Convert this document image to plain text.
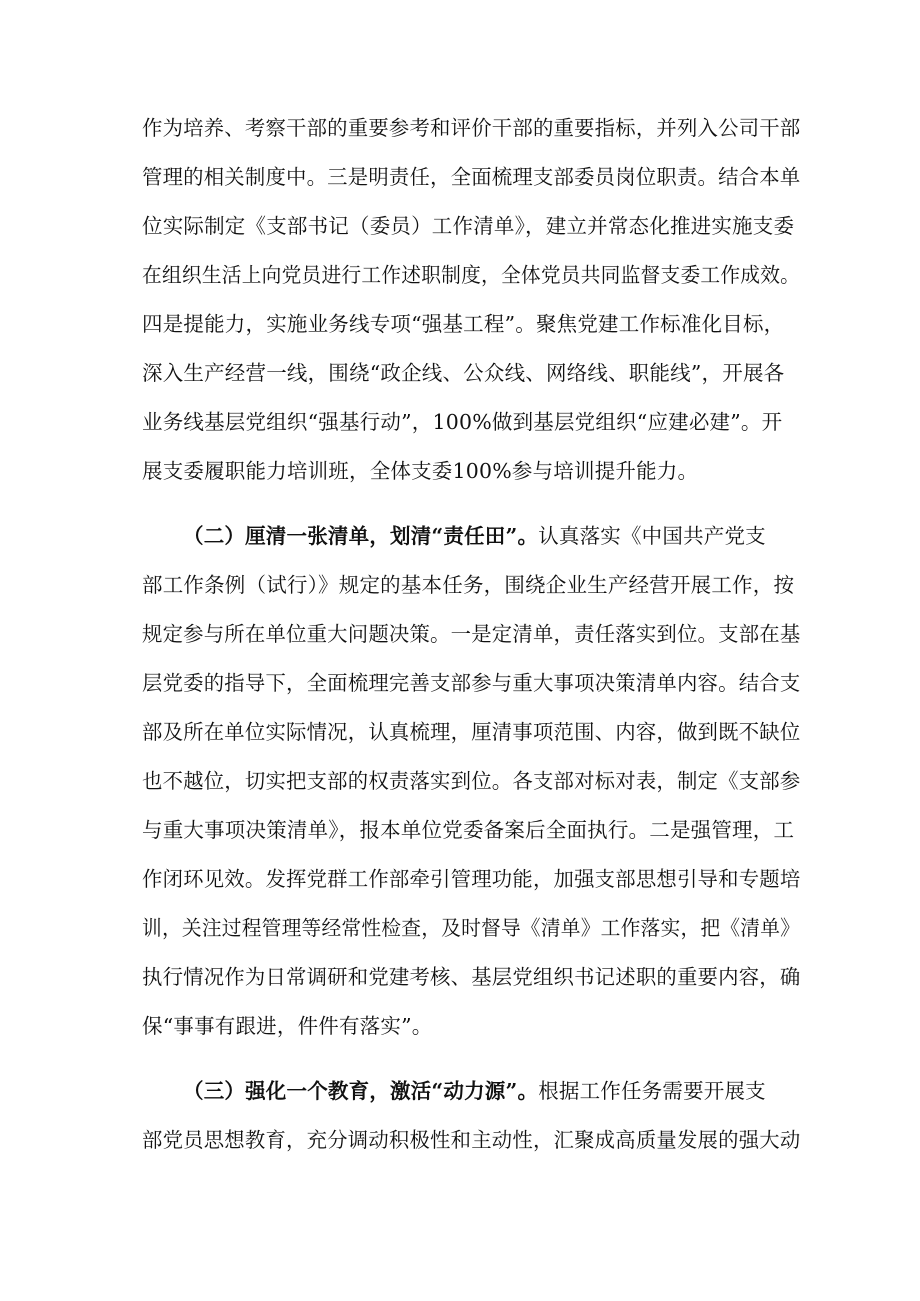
作为培养、考察干部的重要参考和评价干部的重要指标，并列入公司干部
管理的相关制度中。三是明责任，全面梳理支部委员岗位职责。结合本单
位实际制定《支部书记（委员）工作清单》，建立并常态化推进实施支委
在组织生活上向党员进行工作述职制度，全体党员共同监督支委工作成效。
四是提能力，实施业务线专项“强基工程”。聚焦党建工作标准化目标，
深入生产经营一线，围绕“政企线、公众线、网络线、职能线”，开展各
业务线基层党组织“强基行动”，100%做到基层党组织“应建必建”。开
展支委履职能力培训班，全体支委100%参与培训提升能力。
（二）厘清一张清单，划清“责任田”。认真落实《中国共产党支
部工作条例（试行）》规定的基本任务，围绕企业生产经营开展工作，按
规定参与所在单位重大问题决策。一是定清单，责任落实到位。支部在基
层党委的指导下，全面梳理完善支部参与重大事项决策清单内容。结合支
部及所在单位实际情况，认真梳理，厘清事项范围、内容，做到既不缺位
也不越位，切实把支部的权责落实到位。各支部对标对表，制定《支部参
与重大事项决策清单》，报本单位党委备案后全面执行。二是强管理，工
作闭环见效。发挥党群工作部牵引管理功能，加强支部思想引导和专题培
训，关注过程管理等经常性检查，及时督导《清单》工作落实，把《清单》
执行情况作为日常调研和党建考核、基层党组织书记述职的重要内容，确
保“事事有跟进，件件有落实”。
（三）强化一个教育，激活“动力源”。根据工作任务需要开展支
部党员思想教育，充分调动积极性和主动性，汇聚成高质量发展的强大动
